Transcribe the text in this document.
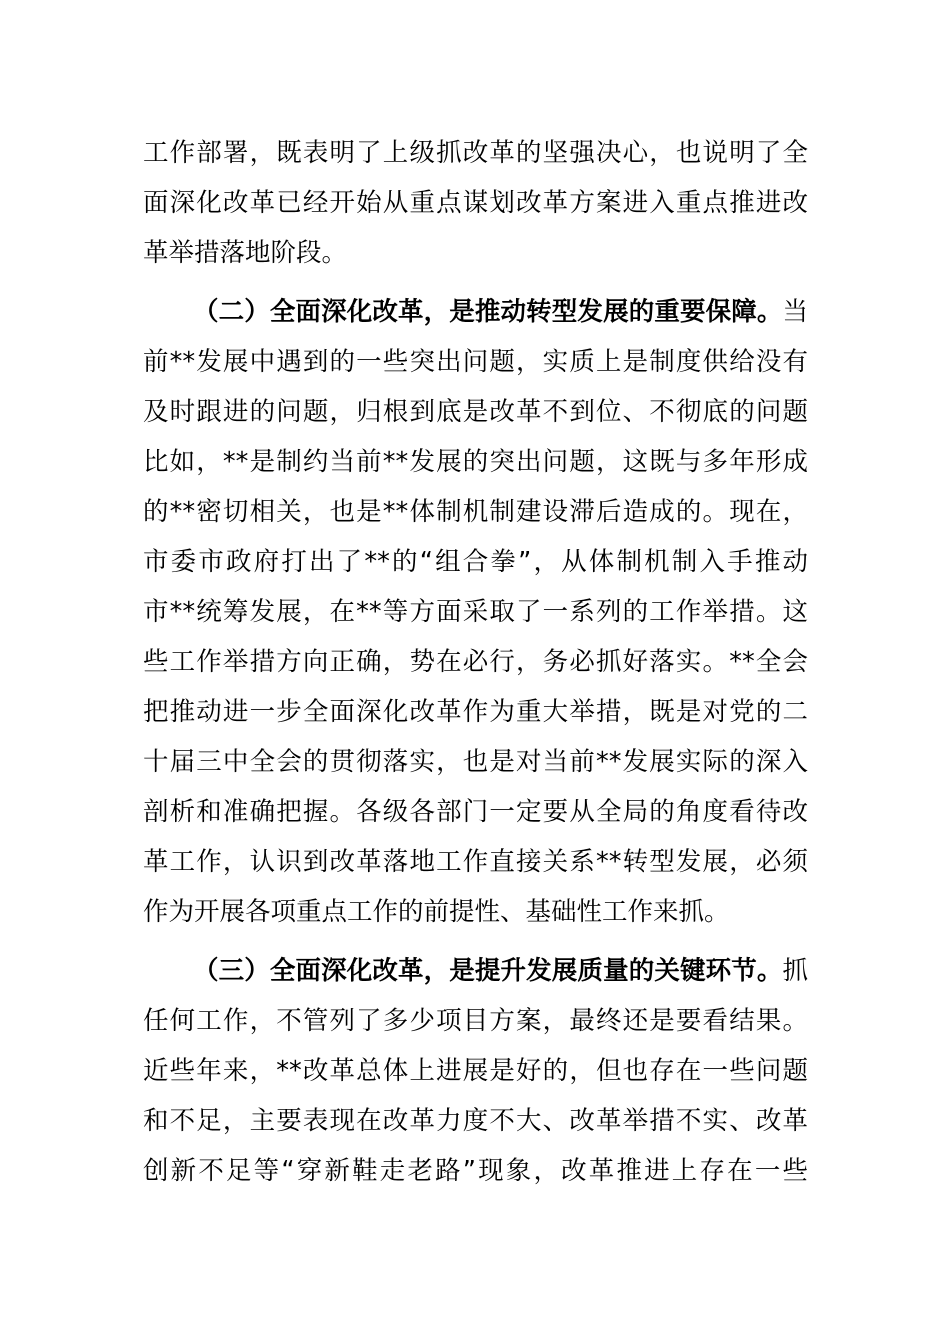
工作部署，既表明了上级抓改革的坚强决心，也说明了全
面深化改革已经开始从重点谋划改革方案进入重点推进改
革举措落地阶段。
（二）全面深化改革，是推动转型发展的重要保障。当
前**发展中遇到的一些突出问题，实质上是制度供给没有
及时跟进的问题，归根到底是改革不到位、不彻底的问题
比如，**是制约当前**发展的突出问题，这既与多年形成
的**密切相关，也是**体制机制建设滞后造成的。现在，
市委市政府打出了**的“组合拳”，从体制机制入手推动
市**统筹发展，在**等方面采取了一系列的工作举措。这
些工作举措方向正确，势在必行，务必抓好落实。**全会
把推动进一步全面深化改革作为重大举措，既是对党的二
十届三中全会的贯彻落实，也是对当前**发展实际的深入
剖析和准确把握。各级各部门一定要从全局的角度看待改
革工作，认识到改革落地工作直接关系**转型发展，必须
作为开展各项重点工作的前提性、基础性工作来抓。
（三）全面深化改革，是提升发展质量的关键环节。抓
任何工作，不管列了多少项目方案，最终还是要看结果。
近些年来，**改革总体上进展是好的，但也存在一些问题
和不足，主要表现在改革力度不大、改革举措不实、改革
创新不足等“穿新鞋走老路”现象，改革推进上存在一些
